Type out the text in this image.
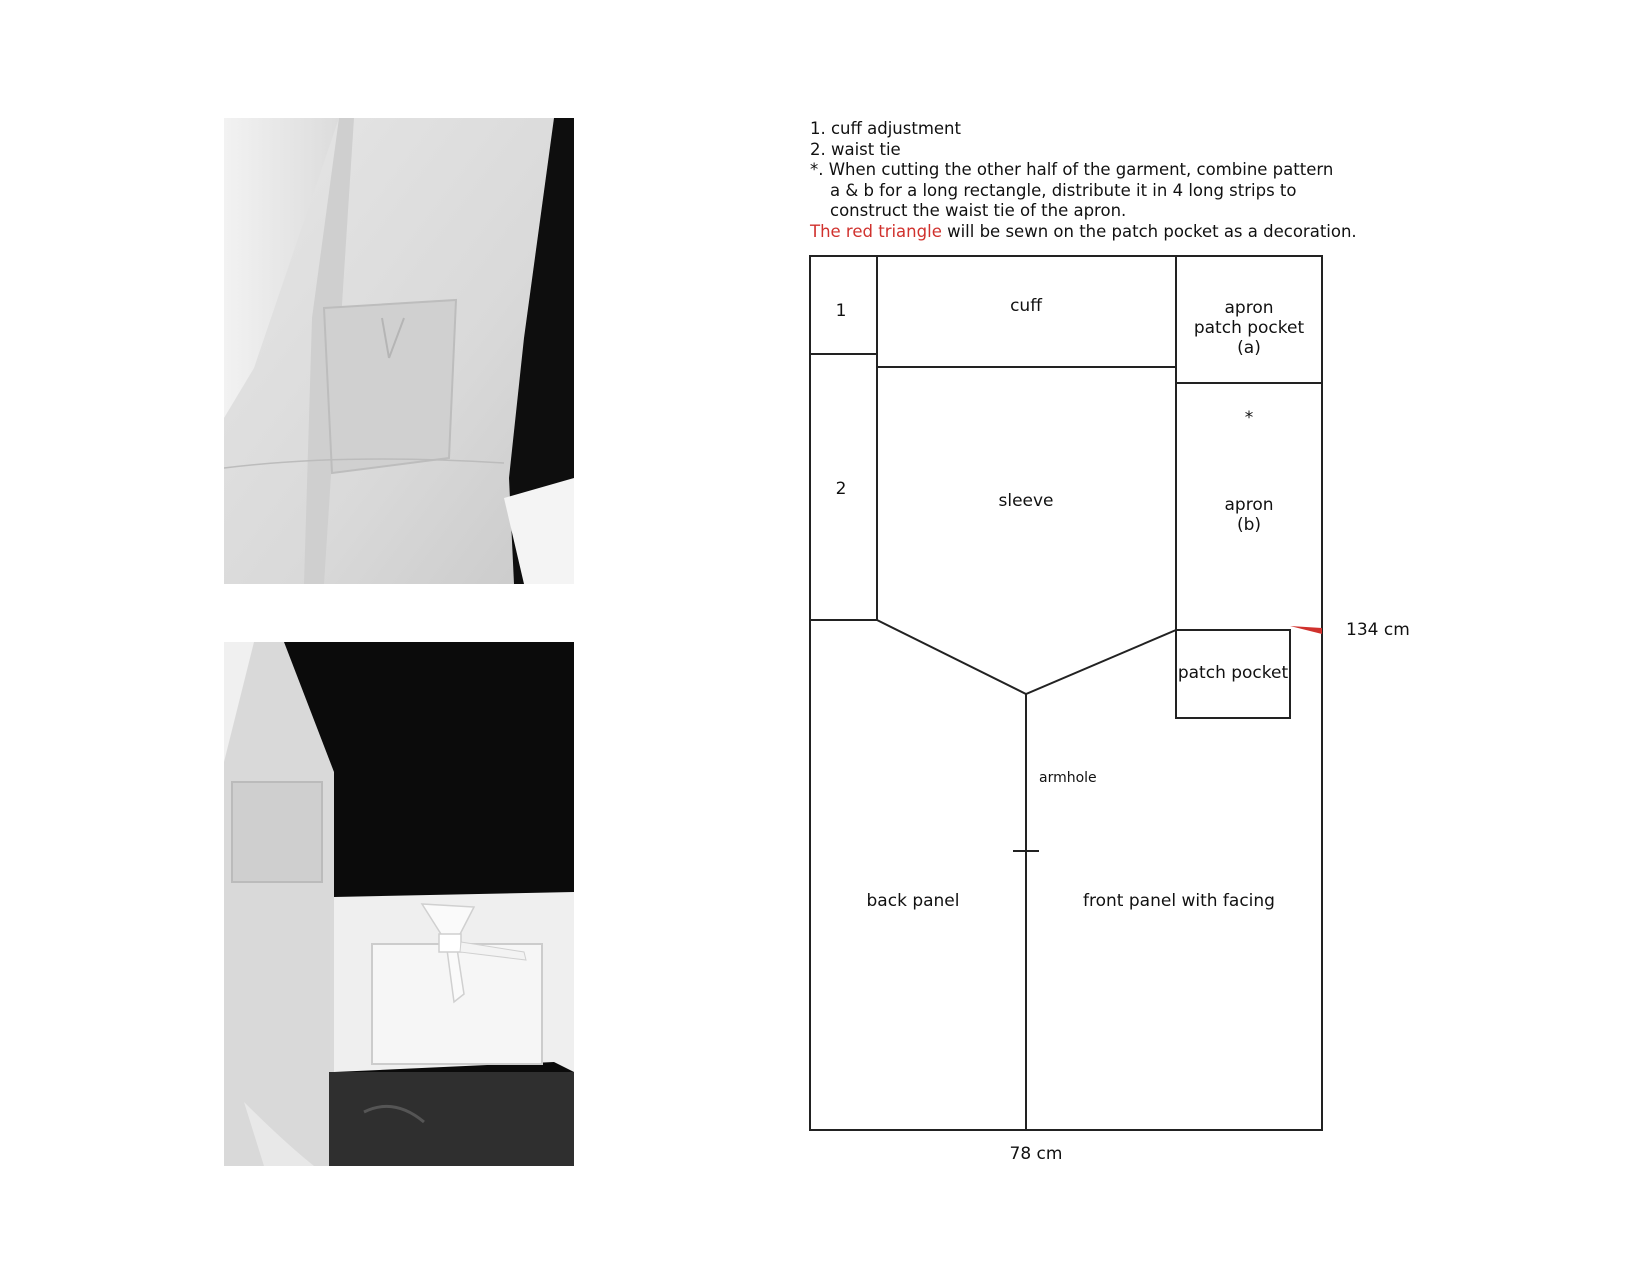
1. cuff adjustment
2. waist tie
*. When cutting the other half of the garment, combine pattern
a & b for a long rectangle, distribute it in 4 long strips to
construct the waist tie of the apron.
The red triangle will be sewn on the patch pocket as a decoration.
1
2
cuff	apron
patch pocket
(a)
*
apron
(b)
sleeve
patch pocket
armhole
back panel	front panel with facing
134 cm
78 cm
